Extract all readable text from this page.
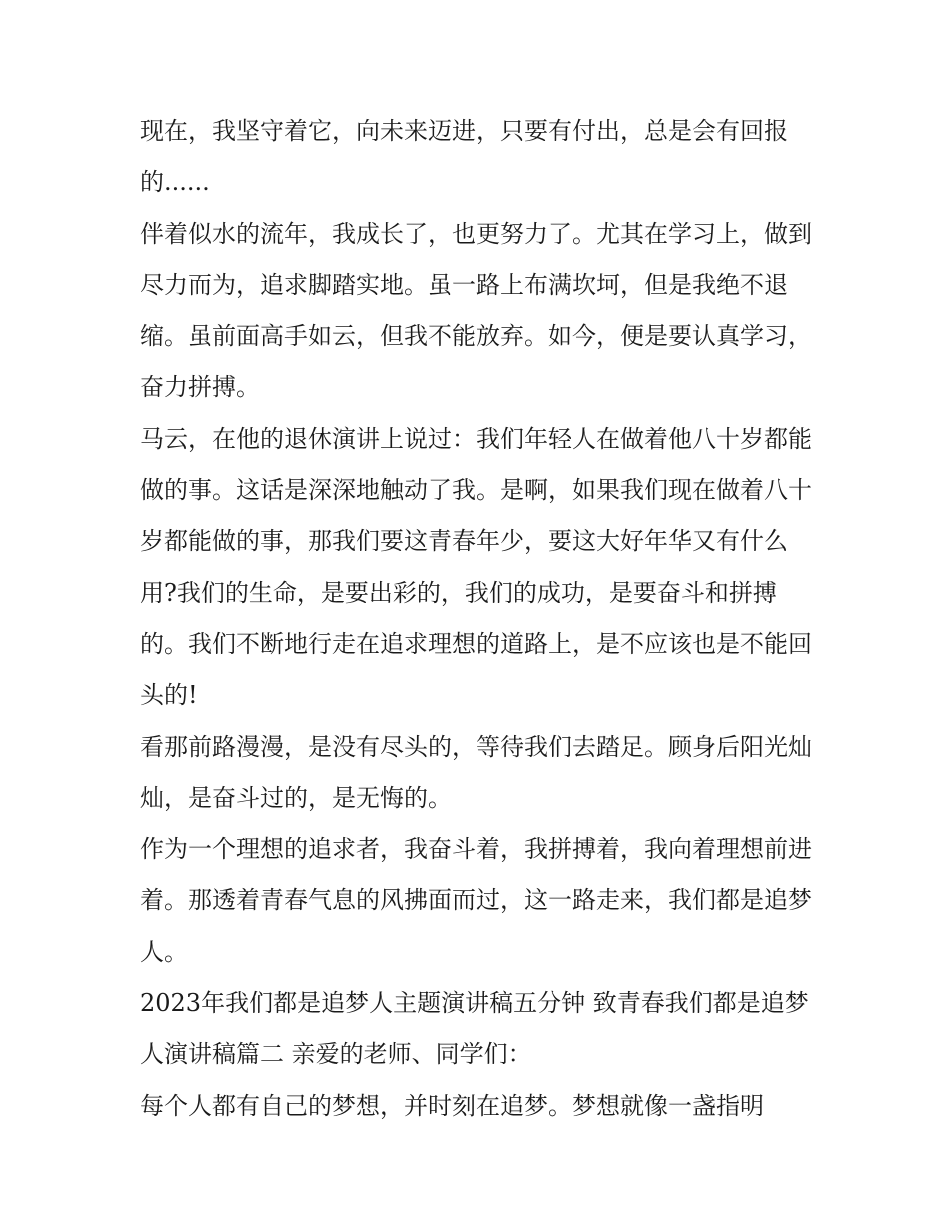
现在，我坚守着它，向未来迈进，只要有付出，总是会有回报的......

伴着似水的流年，我成长了，也更努力了。尤其在学习上，做到尽力而为，追求脚踏实地。虽一路上布满坎坷，但是我绝不退缩。虽前面高手如云，但我不能放弃。如今，便是要认真学习，奋力拼搏。

马云，在他的退休演讲上说过：我们年轻人在做着他八十岁都能做的事。这话是深深地触动了我。是啊，如果我们现在做着八十岁都能做的事，那我们要这青春年少，要这大好年华又有什么用?我们的生命，是要出彩的，我们的成功，是要奋斗和拼搏的。我们不断地行走在追求理想的道路上，是不应该也是不能回头的!

看那前路漫漫，是没有尽头的，等待我们去踏足。顾身后阳光灿灿，是奋斗过的，是无悔的。

作为一个理想的追求者，我奋斗着，我拼搏着，我向着理想前进着。那透着青春气息的风拂面而过，这一路走来，我们都是追梦人。

2023年我们都是追梦人主题演讲稿五分钟 致青春我们都是追梦人演讲稿篇二 亲爱的老师、同学们：

每个人都有自己的梦想，并时刻在追梦。梦想就像一盏指明
